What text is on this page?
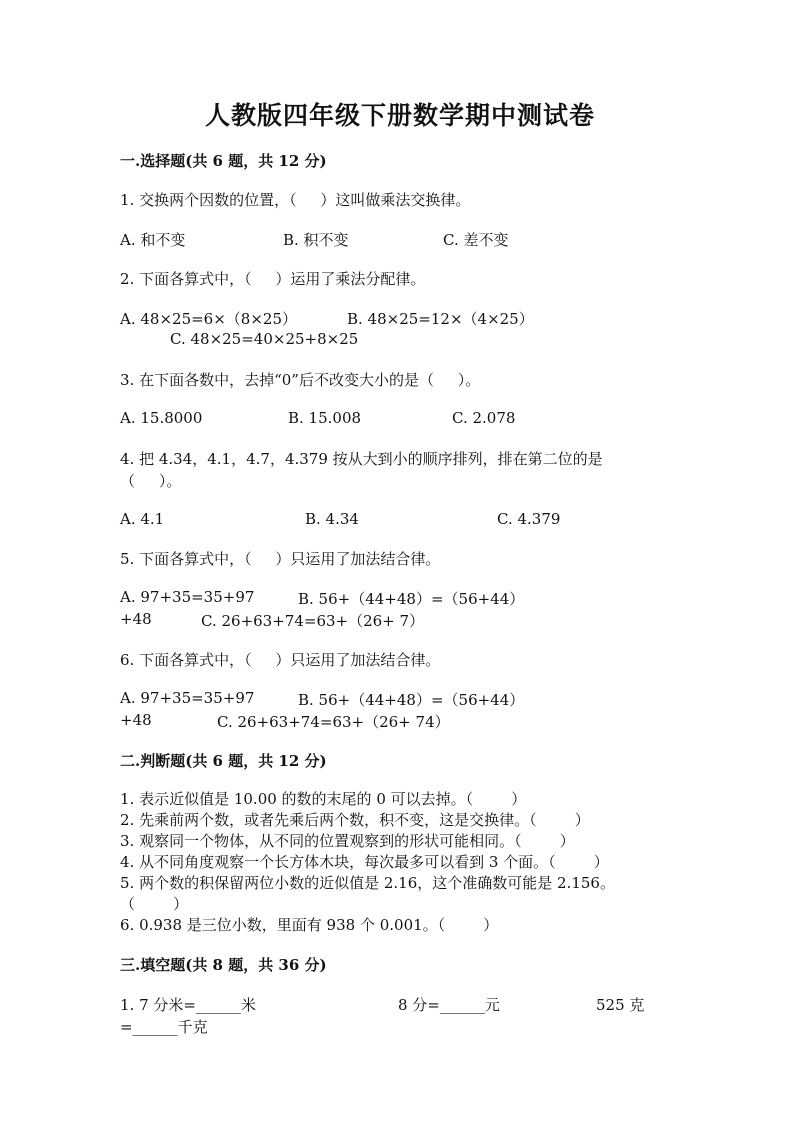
人教版四年级下册数学期中测试卷
一.选择题(共 6 题，共 12 分)
1. 交换两个因数的位置，（     ）这叫做乘法交换律。
A. 和不变	B. 积不变	C. 差不变
2. 下面各算式中，（     ）运用了乘法分配律。
A. 48×25=6×（8×25）	B. 48×25=12×（4×25）
C. 48×25=40×25+8×25
3. 在下面各数中，去掉“0”后不改变大小的是（     ）。
A. 15.8000	B. 15.008	C. 2.078
4. 把 4.34，4.1，4.7，4.379 按从大到小的顺序排列，排在第二位的是
（     ）。
A. 4.1	B. 4.34	C. 4.379
5. 下面各算式中，（     ）只运用了加法结合律。
A. 97+35=35+97	B. 56+（44+48）=（56+44）
+48	C. 26+63+74=63+（26+ 7）
6. 下面各算式中，（     ）只运用了加法结合律。
A. 97+35=35+97	B. 56+（44+48）=（56+44）
+48	C. 26+63+74=63+（26+ 74）
二.判断题(共 6 题，共 12 分)
1. 表示近似值是 10.00 的数的末尾的 0 可以去掉。（        ）
2. 先乘前两个数，或者先乘后两个数，积不变，这是交换律。（        ）
3. 观察同一个物体，从不同的位置观察到的形状可能相同。（        ）
4. 从不同角度观察一个长方体木块，每次最多可以看到 3 个面。（        ）
5. 两个数的积保留两位小数的近似值是 2.16，这个准确数可能是 2.156。
（        ）
6. 0.938 是三位小数，里面有 938 个 0.001。（        ）
三.填空题(共 8 题，共 36 分)
1. 7 分米=______米	8 分=______元	525 克
=______千克
